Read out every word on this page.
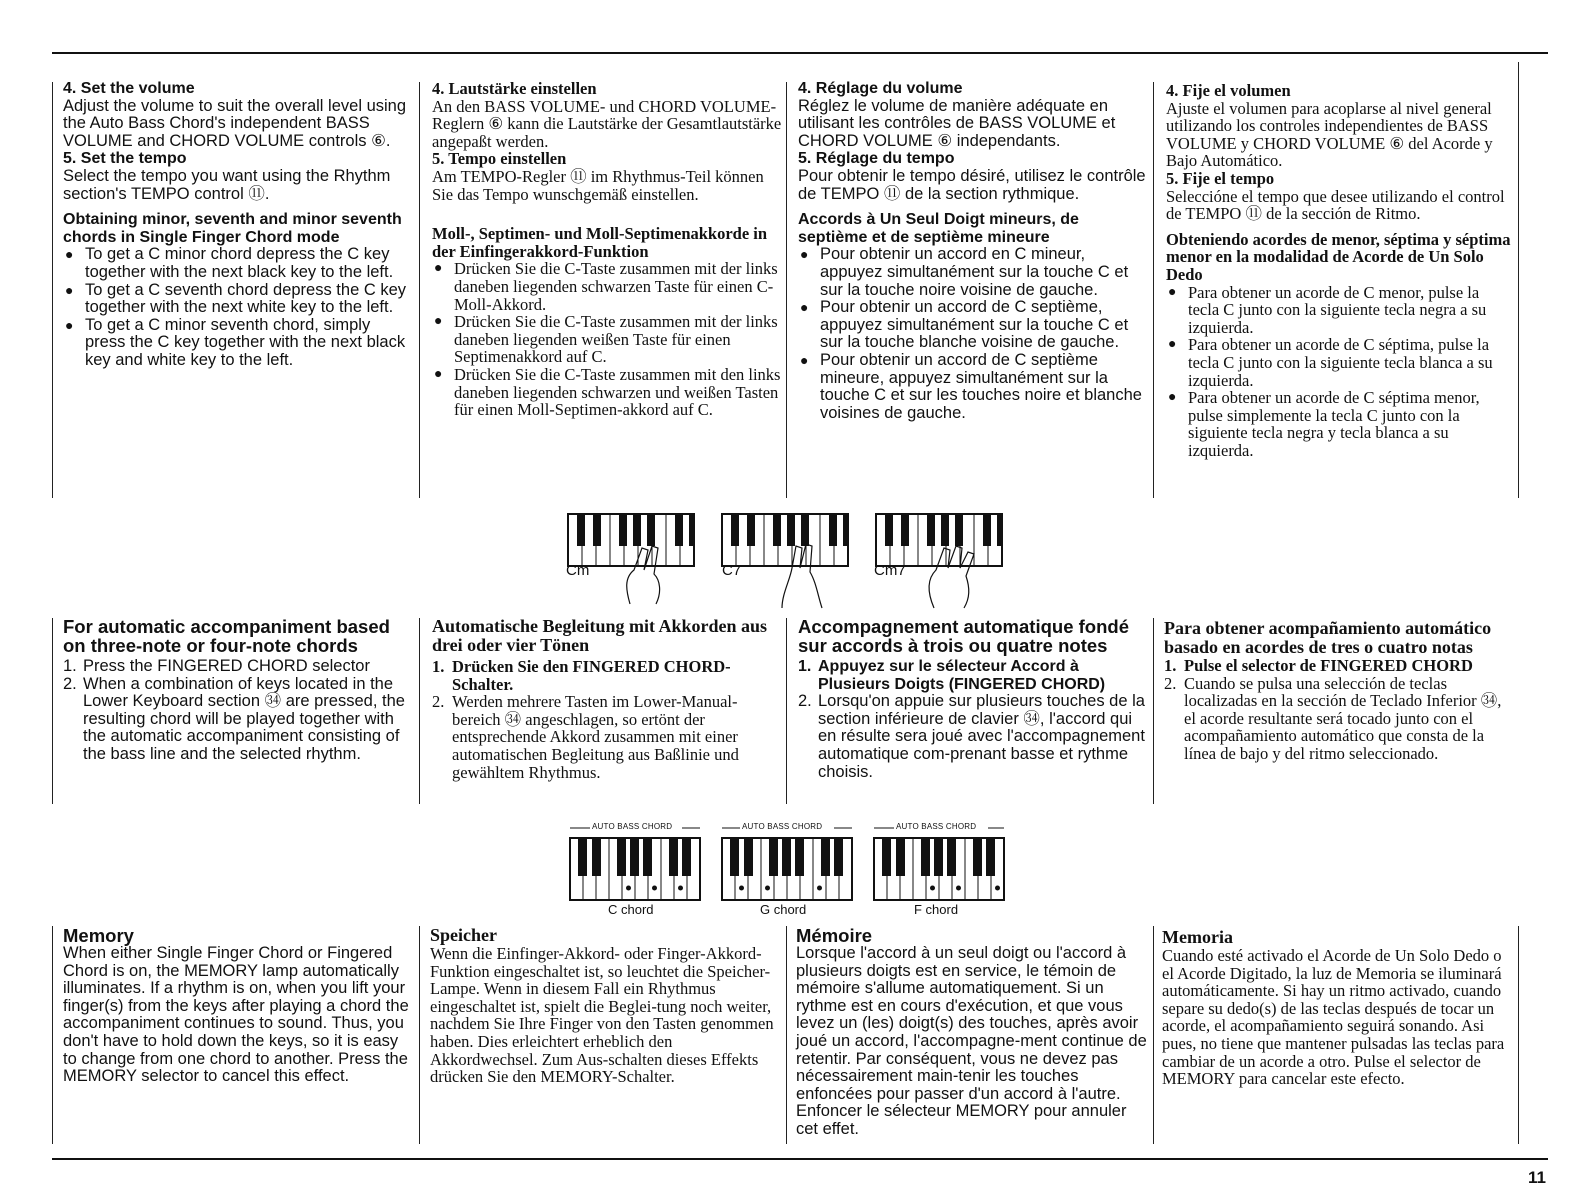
4. Set the volume
Adjust the volume to suit the overall level using the Auto Bass Chord's independent BASS VOLUME and CHORD VOLUME controls ⑥.
5. Set the tempo
Select the tempo you want using the Rhythm section's TEMPO control ⑪.
Obtaining minor, seventh and minor seventh chords in Single Finger Chord mode
● To get a C minor chord depress the C key together with the next black key to the left.
● To get a C seventh chord depress the C key together with the next white key to the left.
● To get a C minor seventh chord, simply press the C key together with the next black key and white key to the left.
4. Lautstärke einstellen
An den BASS VOLUME- und CHORD VOLUME-Reglern ⑥ kann die Lautstärke der Gesamtlautstärke angepaßt werden.
5. Tempo einstellen
Am TEMPO-Regler ⑪ im Rhythmus-Teil können Sie das Tempo wunschgemäß einstellen.
Moll-, Septimen- und Moll-Septimenakkorde in der Einfingerakkord-Funktion
● Drücken Sie die C-Taste zusammen mit der links daneben liegenden schwarzen Taste für einen C-Moll-Akkord.
● Drücken Sie die C-Taste zusammen mit der links daneben liegenden weißen Taste für einen Septimenakkord auf C.
● Drücken Sie die C-Taste zusammen mit den links daneben liegenden schwarzen und weißen Tasten für einen Moll-Septimen-akkord auf C.
4. Réglage du volume
Réglez le volume de manière adéquate en utilisant les contrôles de BASS VOLUME et CHORD VOLUME ⑥ independants.
5. Réglage du tempo
Pour obtenir le tempo désiré, utilisez le contrôle de TEMPO ⑪ de la section rythmique.
Accords à Un Seul Doigt mineurs, de septième et de septième mineure
● Pour obtenir un accord en C mineur, appuyez simultanément sur la touche C et sur la touche noire voisine de gauche.
● Pour obtenir un accord de C septième, appuyez simultanément sur la touche C et sur la touche blanche voisine de gauche.
● Pour obtenir un accord de C septième mineure, appuyez simultanément sur la touche C et sur les touches noire et blanche voisines de gauche.
4. Fije el volumen
Ajuste el volumen para acoplarse al nivel general utilizando los controles independientes de BASS VOLUME y CHORD VOLUME ⑥ del Acorde y Bajo Automático.
5. Fije el tempo
Seleccióne el tempo que desee utilizando el control de TEMPO ⑪ de la sección de Ritmo.
Obteniendo acordes de menor, séptima y séptima menor en la modalidad de Acorde de Un Solo Dedo
● Para obtener un acorde de C menor, pulse la tecla C junto con la siguiente tecla negra a su izquierda.
● Para obtener un acorde de C séptima, pulse la tecla C junto con la siguiente tecla blanca a su izquierda.
● Para obtener un acorde de C séptima menor, pulse simplemente la tecla C junto con la siguiente tecla negra y tecla blanca a su izquierda.
Cm	C7	Cm7
For automatic accompaniment based on three-note or four-note chords
1. Press the FINGERED CHORD selector
2. When a combination of keys located in the Lower Keyboard section ㉞ are pressed, the resulting chord will be played together with the automatic accompaniment consisting of the bass line and the selected rhythm.
Automatische Begleitung mit Akkorden aus drei oder vier Tönen
1. Drücken Sie den FINGERED CHORD-Schalter.
2. Werden mehrere Tasten im Lower-Manual-bereich ㉞ angeschlagen, so ertönt der entsprechende Akkord zusammen mit einer automatischen Begleitung aus Baßlinie und gewähltem Rhythmus.
Accompagnement automatique fondé sur accords à trois ou quatre notes
1. Appuyez sur le sélecteur Accord à Plusieurs Doigts (FINGERED CHORD)
2. Lorsqu'on appuie sur plusieurs touches de la section inférieure de clavier ㉞, l'accord qui en résulte sera joué avec l'accompagnement automatique com-prenant basse et rythme choisis.
Para obtener acompañamiento automático basado en acordes de tres o cuatro notas
1. Pulse el selector de FINGERED CHORD
2. Cuando se pulsa una selección de teclas localizadas en la sección de Teclado Inferior ㉞, el acorde resultante será tocado junto con el acompañamiento automático que consta de la línea de bajo y del ritmo seleccionado.
AUTO BASS CHORD	AUTO BASS CHORD	AUTO BASS CHORD
C chord	G chord	F chord
Memory
When either Single Finger Chord or Fingered Chord is on, the MEMORY lamp automatically illuminates. If a rhythm is on, when you lift your finger(s) from the keys after playing a chord the accompaniment continues to sound. Thus, you don't have to hold down the keys, so it is easy to change from one chord to another. Press the MEMORY selector to cancel this effect.
Speicher
Wenn die Einfinger-Akkord- oder Finger-Akkord-Funktion eingeschaltet ist, so leuchtet die Speicher-Lampe. Wenn in diesem Fall ein Rhythmus eingeschaltet ist, spielt die Beglei-tung noch weiter, nachdem Sie Ihre Finger von den Tasten genommen haben. Dies erleichtert erheblich den Akkordwechsel. Zum Aus-schalten dieses Effekts drücken Sie den MEMORY-Schalter.
Mémoire
Lorsque l'accord à un seul doigt ou l'accord à plusieurs doigts est en service, le témoin de mémoire s'allume automatiquement. Si un rythme est en cours d'exécution, et que vous levez un (les) doigt(s) des touches, après avoir joué un accord, l'accompagne-ment continue de retentir. Par conséquent, vous ne devez pas nécessairement main-tenir les touches enfoncées pour passer d'un accord à l'autre. Enfoncer le sélecteur MEMORY pour annuler cet effet.
Memoria
Cuando esté activado el Acorde de Un Solo Dedo o el Acorde Digitado, la luz de Memoria se iluminará automáticamente. Si hay un ritmo activado, cuando separe su dedo(s) de las teclas después de tocar un acorde, el acompañamiento seguirá sonando. Asi pues, no tiene que mantener pulsadas las teclas para cambiar de un acorde a otro. Pulse el selector de MEMORY para cancelar este efecto.
11
